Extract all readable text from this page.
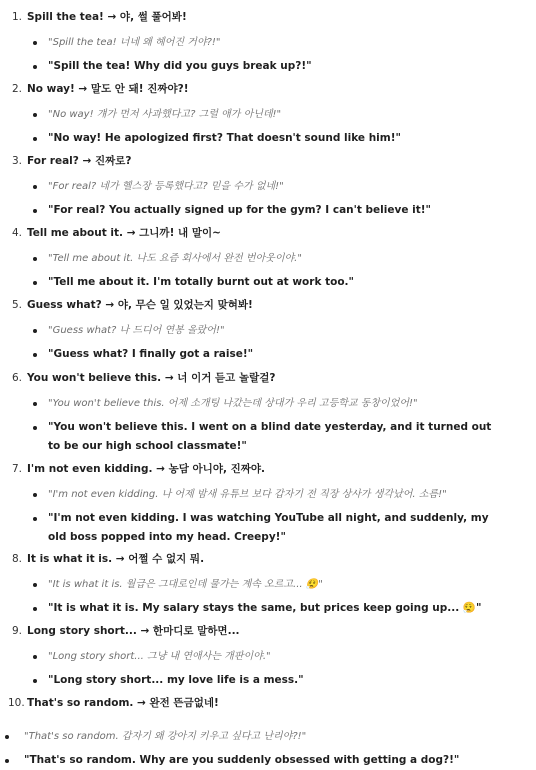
1. Spill the tea! → 야, 썰 풀어봐!
"Spill the tea! 너네 왜 헤어진 거야?!"
"Spill the tea! Why did you guys break up?!"
2. No way! → 말도 안 돼! 진짜야?!
"No way! 걔가 먼저 사과했다고? 그럴 애가 아닌데!"
"No way! He apologized first? That doesn't sound like him!"
3. For real? → 진짜로?
"For real? 네가 헬스장 등록했다고? 믿을 수가 없네!"
"For real? You actually signed up for the gym? I can't believe it!"
4. Tell me about it. → 그니까! 내 말이~
"Tell me about it. 나도 요즘 회사에서 완전 번아웃이야."
"Tell me about it. I'm totally burnt out at work too."
5. Guess what? → 야, 무슨 일 있었는지 맞혀봐!
"Guess what? 나 드디어 연봉 올랐어!"
"Guess what? I finally got a raise!"
6. You won't believe this. → 너 이거 듣고 놀랄걸?
"You won't believe this. 어제 소개팅 나갔는데 상대가 우리 고등학교 동창이었어!"
"You won't believe this. I went on a blind date yesterday, and it turned out to be our high school classmate!"
7. I'm not even kidding. → 농담 아니야, 진짜야.
"I'm not even kidding. 나 어제 밤새 유튜브 보다 갑자기 전 직장 상사가 생각났어. 소름!"
"I'm not even kidding. I was watching YouTube all night, and suddenly, my old boss popped into my head. Creepy!"
8. It is what it is. → 어쩔 수 없지 뭐.
"It is what it is. 월급은 그대로인데 물가는 계속 오르고... 😮‍💨"
"It is what it is. My salary stays the same, but prices keep going up... 😮‍💨"
9. Long story short... → 한마디로 말하면...
"Long story short... 그냥 내 연애사는 개판이야."
"Long story short... my love life is a mess."
10. That's so random. → 완전 뜬금없네!
"That's so random. 갑자기 왜 강아지 키우고 싶다고 난리야?!"
"That's so random. Why are you suddenly obsessed with getting a dog?!"
